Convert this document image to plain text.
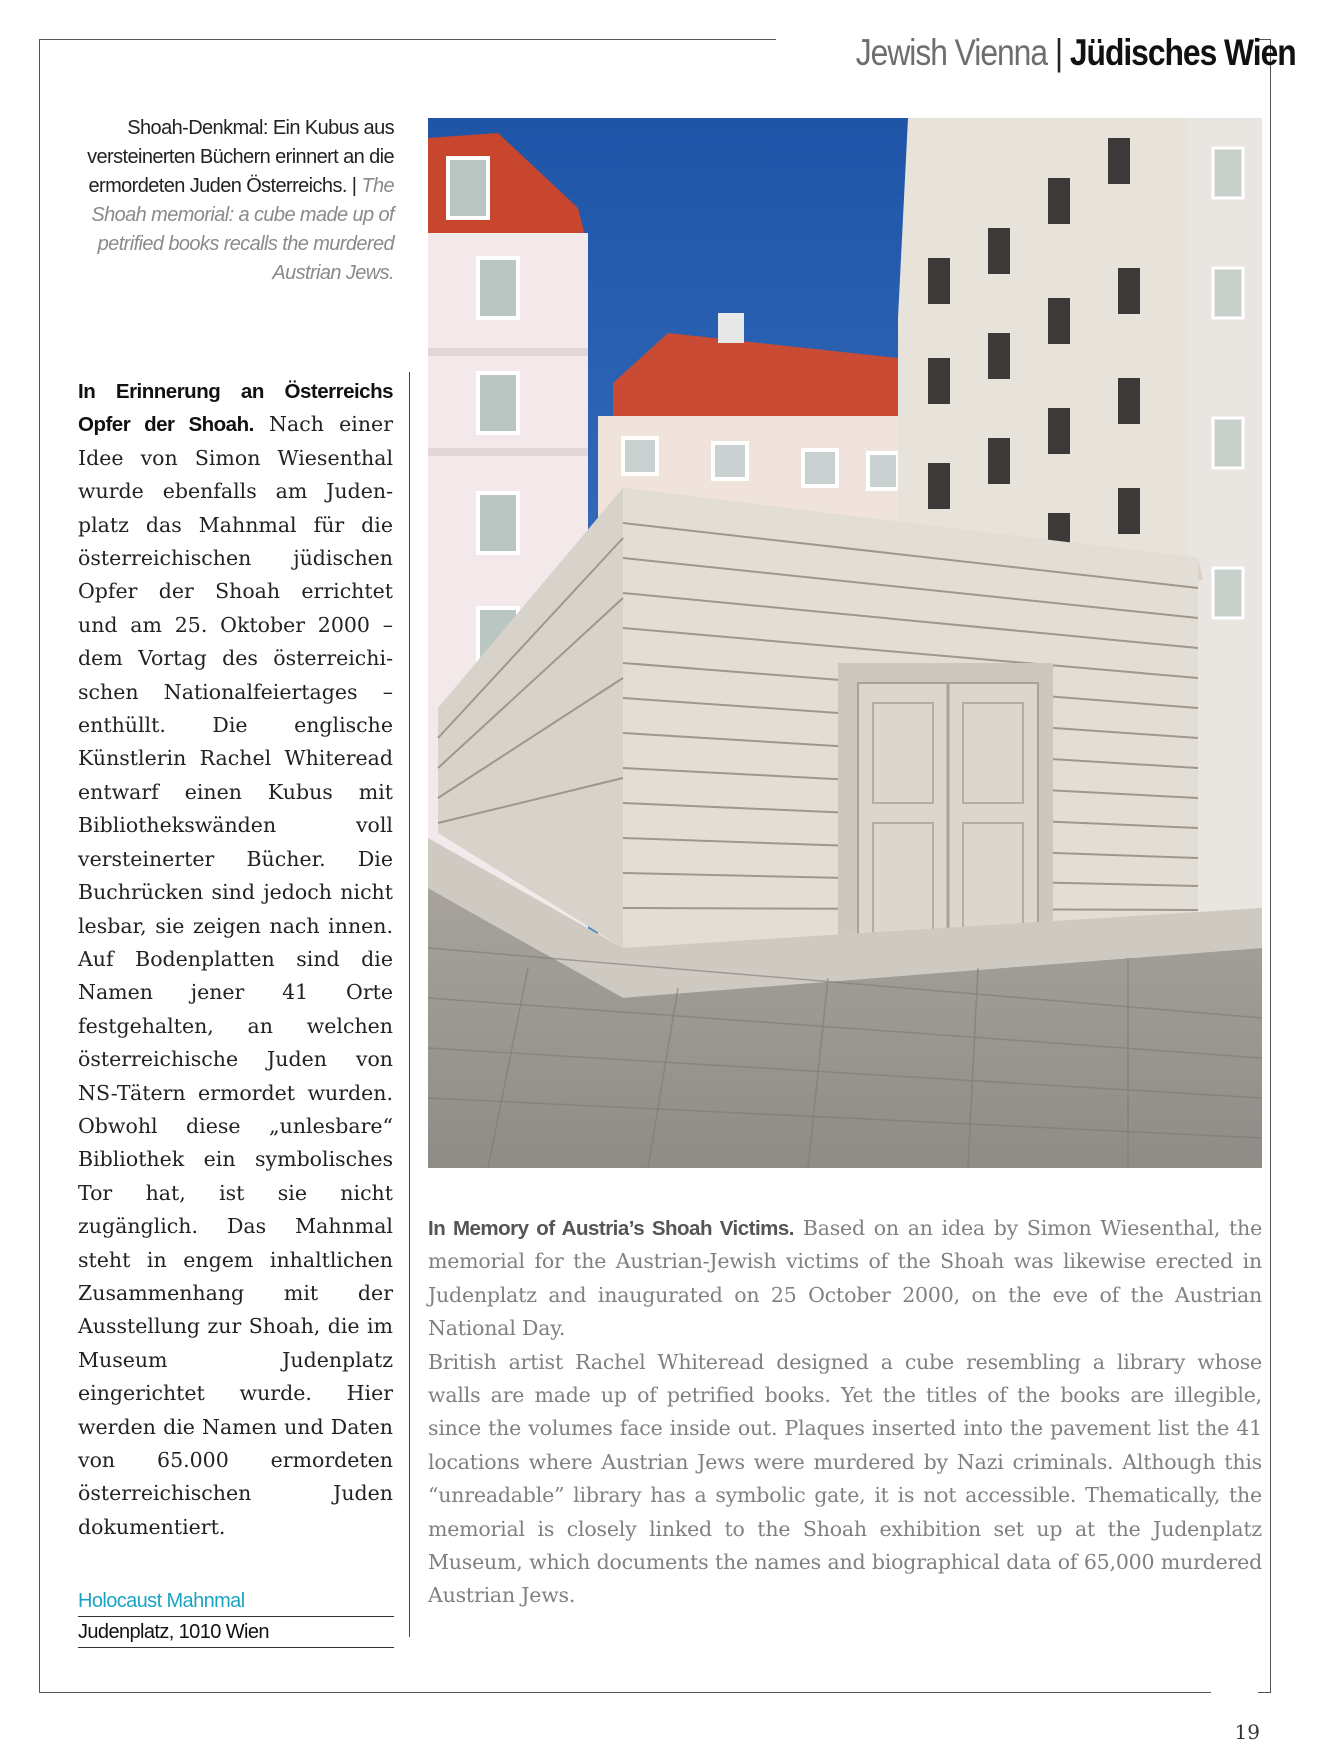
Jewish Vienna | Jüdisches Wien
Shoah-Denkmal: Ein Kubus aus versteinerten Büchern erinnert an die ermordeten Juden Österreichs. | The Shoah memorial: a cube made up of petrified books recalls the murdered Austrian Jews.
In Erinnerung an Österreichs Opfer der Shoah. Nach einer Idee von Simon Wiesenthal wurde ebenfalls am Judenplatz das Mahnmal für die österreichischen jüdischen Opfer der Shoah errichtet und am 25. Oktober 2000 – dem Vortag des österreichischen Nationalfeiertages – enthüllt. Die englische Künstlerin Rachel Whiteread entwarf einen Kubus mit Bibliothekswänden voll versteinerter Bücher. Die Buchrücken sind jedoch nicht lesbar, sie zeigen nach innen. Auf Bodenplatten sind die Namen jener 41 Orte festgehalten, an welchen österreichische Juden von NS-Tätern ermordet wurden. Obwohl diese „unlesbare“ Bibliothek ein symbolisches Tor hat, ist sie nicht zugänglich. Das Mahnmal steht in engem inhaltlichen Zusammenhang mit der Ausstellung zur Shoah, die im Museum Judenplatz eingerichtet wurde. Hier werden die Namen und Daten von 65.000 ermordeten österreichischen Juden dokumentiert.
Holocaust Mahnmal
Judenplatz, 1010 Wien

In Memory of Austria’s Shoah Victims. Based on an idea by Simon Wiesenthal, the memorial for the Austrian-Jewish victims of the Shoah was likewise erected in Judenplatz and inaugurated on 25 October 2000, on the eve of the Austrian National Day.

British artist Rachel Whiteread designed a cube resembling a library whose walls are made up of petrified books. Yet the titles of the books are illegible, since the volumes face inside out. Plaques inserted into the pavement list the 41 locations where Austrian Jews were murdered by Nazi criminals. Although this “unreadable” library has a symbolic gate, it is not accessible. Thematically, the memorial is closely linked to the Shoah exhibition set up at the Judenplatz Museum, which documents the names and biographical data of 65,000 murdered Austrian Jews.

19
